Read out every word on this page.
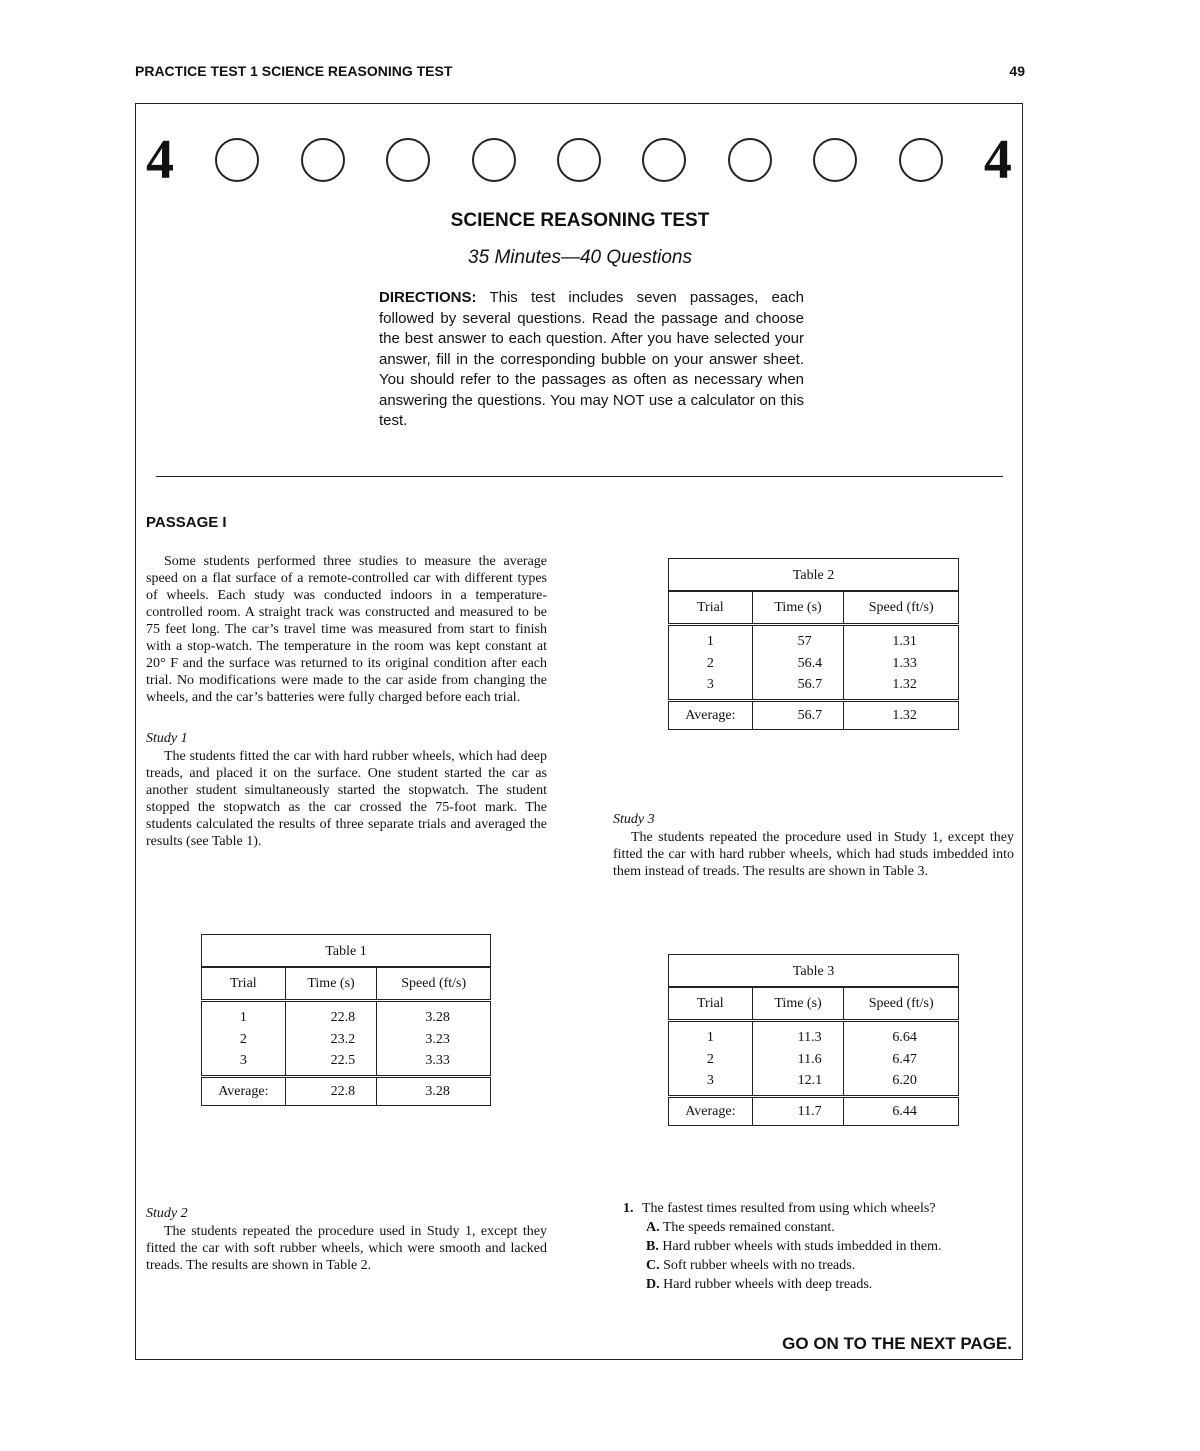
PRACTICE TEST 1 SCIENCE REASONING TEST	49
4	4
SCIENCE REASONING TEST
35 Minutes—40 Questions
DIRECTIONS: This test includes seven passages, each followed by several questions. Read the passage and choose the best answer to each question. After you have selected your answer, fill in the corresponding bubble on your answer sheet. You should refer to the passages as often as necessary when answering the questions. You may NOT use a calculator on this test.
PASSAGE I

Some students performed three studies to measure the average speed on a flat surface of a remote-controlled car with different types of wheels. Each study was conducted indoors in a temperature-controlled room. A straight track was constructed and measured to be 75 feet long. The car’s travel time was measured from start to finish with a stop-watch. The temperature in the room was kept constant at 20° F and the surface was returned to its original condition after each trial. No modifications were made to the car aside from changing the wheels, and the car’s batteries were fully charged before each trial.

Study 1

The students fitted the car with hard rubber wheels, which had deep treads, and placed it on the surface. One student started the car as another student simultaneously started the stopwatch. The student stopped the stopwatch as the car crossed the 75-foot mark. The students calculated the results of three separate trials and averaged the results (see Table 1).

Table 1
Trial	Time (s)	Speed (ft/s)
1	22.8	3.28
2	23.2	3.23
3	22.5	3.33
Average:	22.8	3.28
Study 2

The students repeated the procedure used in Study 1, except they fitted the car with soft rubber wheels, which were smooth and lacked treads. The results are shown in Table 2.

Table 2
Trial	Time (s)	Speed (ft/s)
1	57	1.31
2	56.4	1.33
3	56.7	1.32
Average:	56.7	1.32
Study 3

The students repeated the procedure used in Study 1, except they fitted the car with hard rubber wheels, which had studs imbedded into them instead of treads. The results are shown in Table 3.

Table 3
Trial	Time (s)	Speed (ft/s)
1	11.3	6.64
2	11.6	6.47
3	12.1	6.20
Average:	11.7	6.44
1. The fastest times resulted from using which wheels?
A. The speeds remained constant.
B. Hard rubber wheels with studs imbedded in them.
C. Soft rubber wheels with no treads.
D. Hard rubber wheels with deep treads.
GO ON TO THE NEXT PAGE.
